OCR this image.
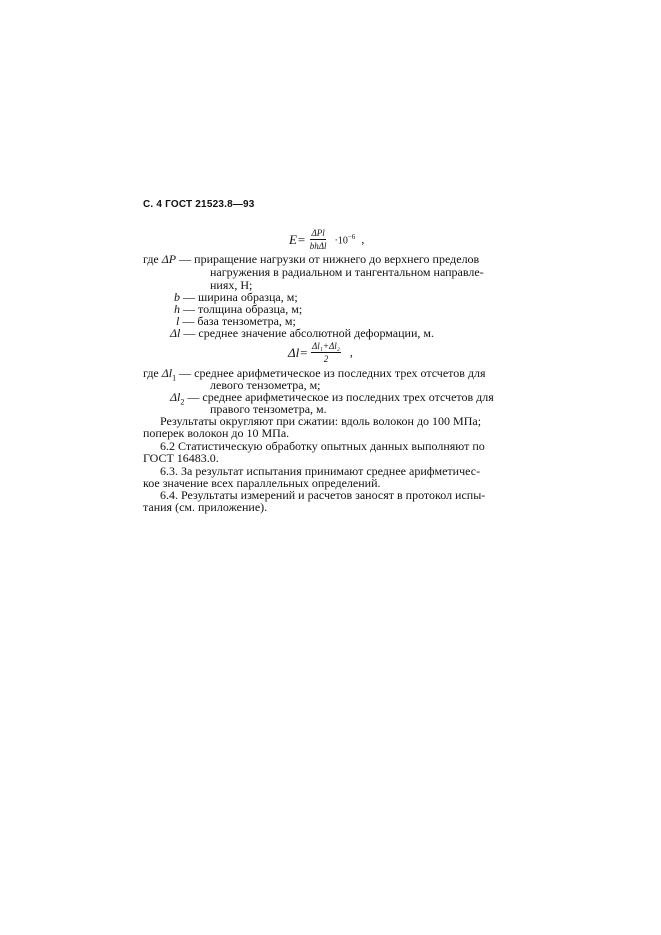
С. 4 ГОСТ 21523.8—93
$E= \frac{\text{ΔPl}}{\text{bhΔl}} \cdot 10^{-6}$ ,
где ΔP — приращение нагрузки от нижнего до верхнего пределов
нагружения в радиальном и тангентальном направле-
ниях, Н;
b — ширина образца, м;
h — толщина образца, м;
l — база тензометра, м;
Δl — среднее значение абсолютной деформации, м.
$\Delta l= \frac{\text{Δl₁+Δl₂}}{2}$ ,
где $\Delta l_1$ — среднее арифметическое из последних трех отсчетов для
левого тензометра, м;
$\Delta l_2$ — среднее арифметическое из последних трех отсчетов для
правого тензометра, м.
Результаты округляют при сжатии: вдоль волокон до 100 МПа;
поперек волокон до 10 МПа.
6.2 Статистическую обработку опытных данных выполняют по
ГОСТ 16483.0.
6.3. За результат испытания принимают среднее арифметичес-
кое значение всех параллельных определений.
6.4. Результаты измерений и расчетов заносят в протокол испы-
тания (см. приложение).
